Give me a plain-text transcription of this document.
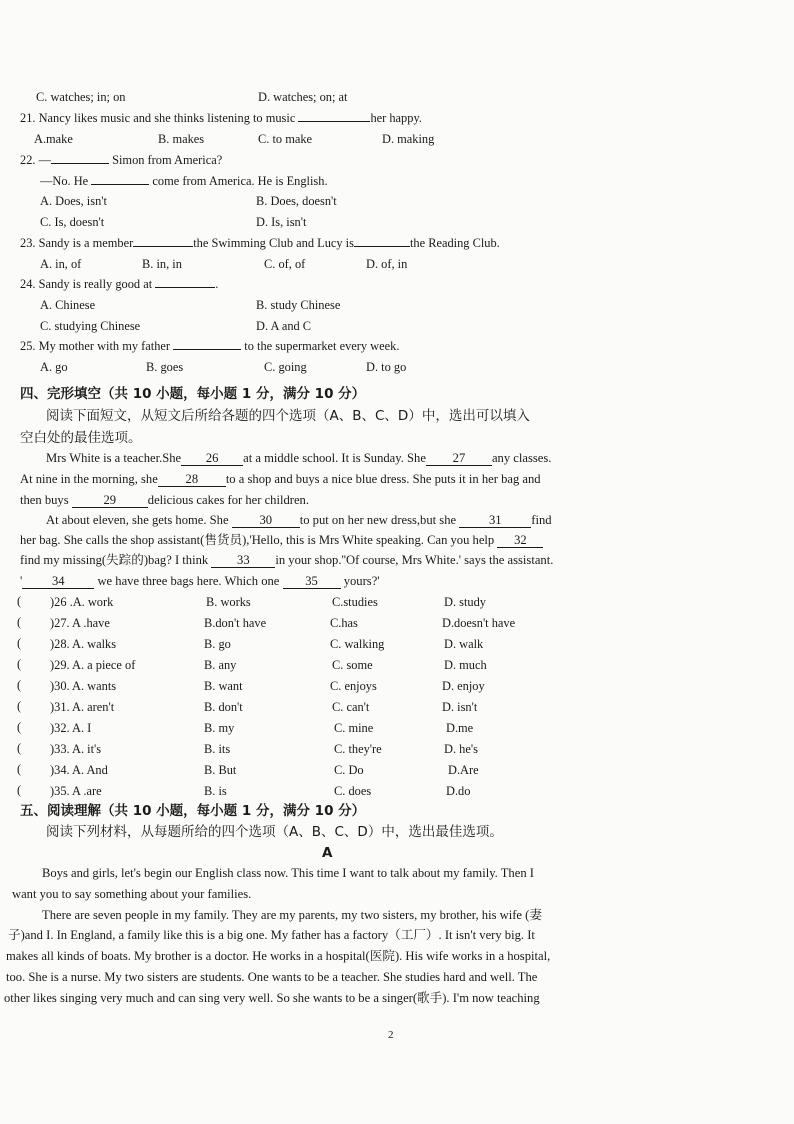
C. watches; in; on	D. watches; on; at
21. Nancy likes music and she thinks listening to music	her happy.
A.make	B. makes	C. to make	D. making
22. —	Simon from America?
—No. He	come from America. He is English.
A. Does, isn't	B. Does, doesn't
C. Is, doesn't	D. Is, isn't
23. Sandy is a member	the Swimming Club and Lucy is	the Reading Club.
A. in, of	B. in, in	C. of, of	D. of, in
24. Sandy is really good at	.
A. Chinese	B. study Chinese
C. studying Chinese	D. A and C
25. My mother with my father	to the supermarket every week.
A. go	B. goes	C. going	D. to go
四、完形填空（共 10 小题，每小题 1 分，满分 10 分）
阅读下面短文，从短文后所给各题的四个选项（A、B、C、D）中，选出可以填入
空白处的最佳选项。
Mrs White is a teacher.She 26 at a middle school. It is Sunday. She 27 any classes.
At nine in the morning, she 28 to a shop and buys a nice blue dress. She puts it in her bag and
then buys	29	delicious cakes for her children.
At about eleven, she gets home. She 30 to put on her new dress,but she	31 find
her bag. She calls the shop assistant(售货员),'Hello, this is Mrs White speaking. Can you help 32
find my missing(失踪的)bag? I think 33 in your shop.''Of course, Mrs White.' says the assistant.
' 34	we have three bags here. Which one 35 yours?'
( )26 .A. work	B. works	C.studies	D. study
( )27. A .have	B.don't have	C.has	D.doesn't have
( )28. A. walks	B. go	C. walking	D. walk
( )29. A. a piece of	B. any	C. some	D. much
( )30. A. wants	B. want	C. enjoys	D. enjoy
( )31. A. aren't	B. don't	C. can't	D. isn't
( )32. A. I	B. my	C. mine	D.me
( )33. A. it's	B. its	C. they're	D. he's
( )34. A. And	B. But	C. Do	D.Are
( )35. A .are	B. is	C. does	D.do
五、阅读理解（共 10 小题，每小题 1 分，满分 10 分）
阅读下列材料，从每题所给的四个选项（A、B、C、D）中，选出最佳选项。
A
Boys and girls, let's begin our English class now. This time I want to talk about my family. Then I
want you to say something about your families.
There are seven people in my family. They are my parents, my two sisters, my brother, his wife (妻
子)and I. In England, a family like this is a big one. My father has a factory（工厂）. It isn't very big. It
makes all kinds of boats. My brother is a doctor. He works in a hospital(医院). His wife works in a hospital,
too. She is a nurse. My two sisters are students. One wants to be a teacher. She studies hard and well. The
other likes singing very much and can sing very well. So she wants to be a singer(歌手). I'm now teaching
2
